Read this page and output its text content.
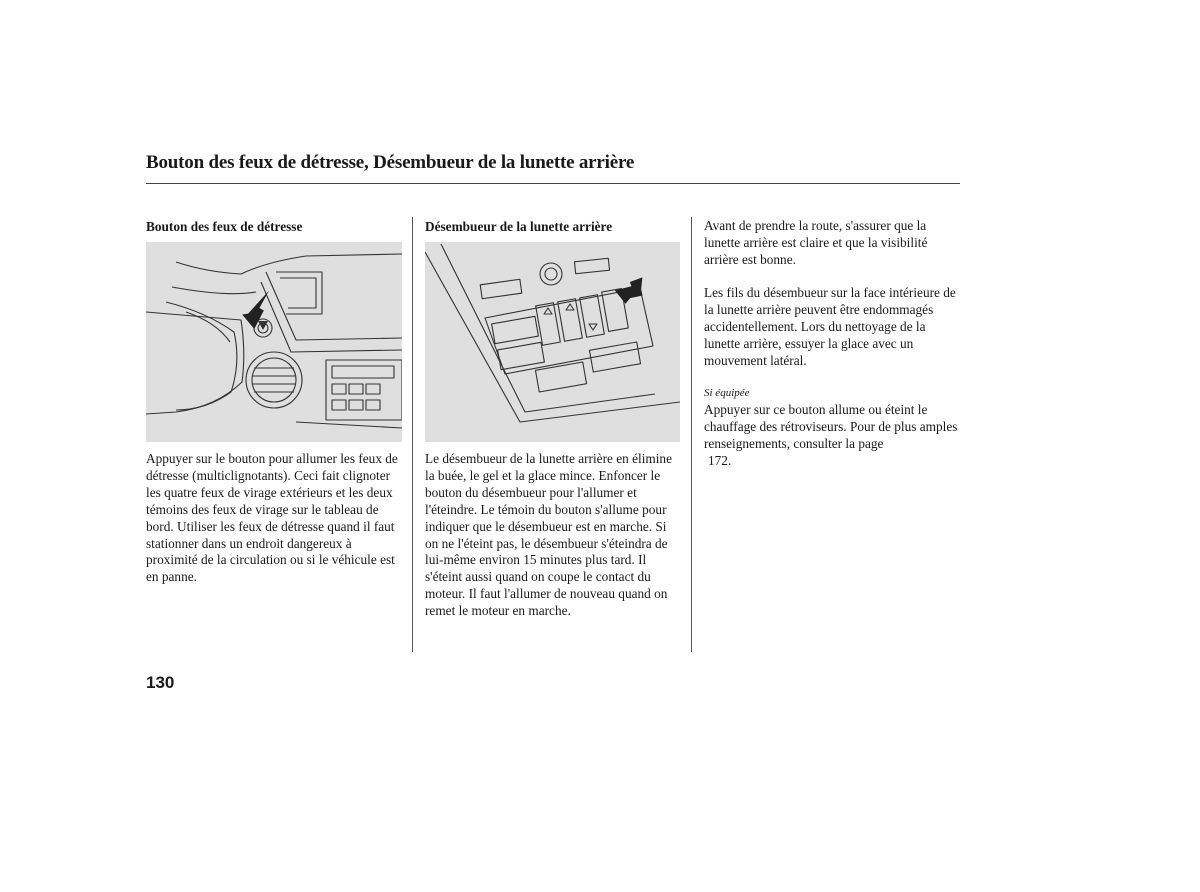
Bouton des feux de détresse, Désembueur de la lunette arrière
Bouton des feux de détresse

Appuyer sur le bouton pour allumer les feux de détresse (multiclignotants). Ceci fait clignoter les quatre feux de virage extérieurs et les deux témoins des feux de virage sur le tableau de bord. Utiliser les feux de détresse quand il faut stationner dans un endroit dangereux à proximité de la circulation ou si le véhicule est en panne.

Désembueur de la lunette arrière

Le désembueur de la lunette arrière en élimine la buée, le gel et la glace mince. Enfoncer le bouton du désembueur pour l'allumer et l'éteindre. Le témoin du bouton s'allume pour indiquer que le désembueur est en marche. Si on ne l'éteint pas, le désembueur s'éteindra de lui-même environ 15 minutes plus tard. Il s'éteint aussi quand on coupe le contact du moteur. Il faut l'allumer de nouveau quand on remet le moteur en marche.

Avant de prendre la route, s'assurer que la lunette arrière est claire et que la visibilité arrière est bonne.

Les fils du désembueur sur la face intérieure de la lunette arrière peuvent être endommagés accidentellement. Lors du nettoyage de la lunette arrière, essuyer la glace avec un mouvement latéral.

Si équipée

Appuyer sur ce bouton allume ou éteint le chauffage des rétroviseurs. Pour de plus amples renseignements, consulter la page
172.

130
